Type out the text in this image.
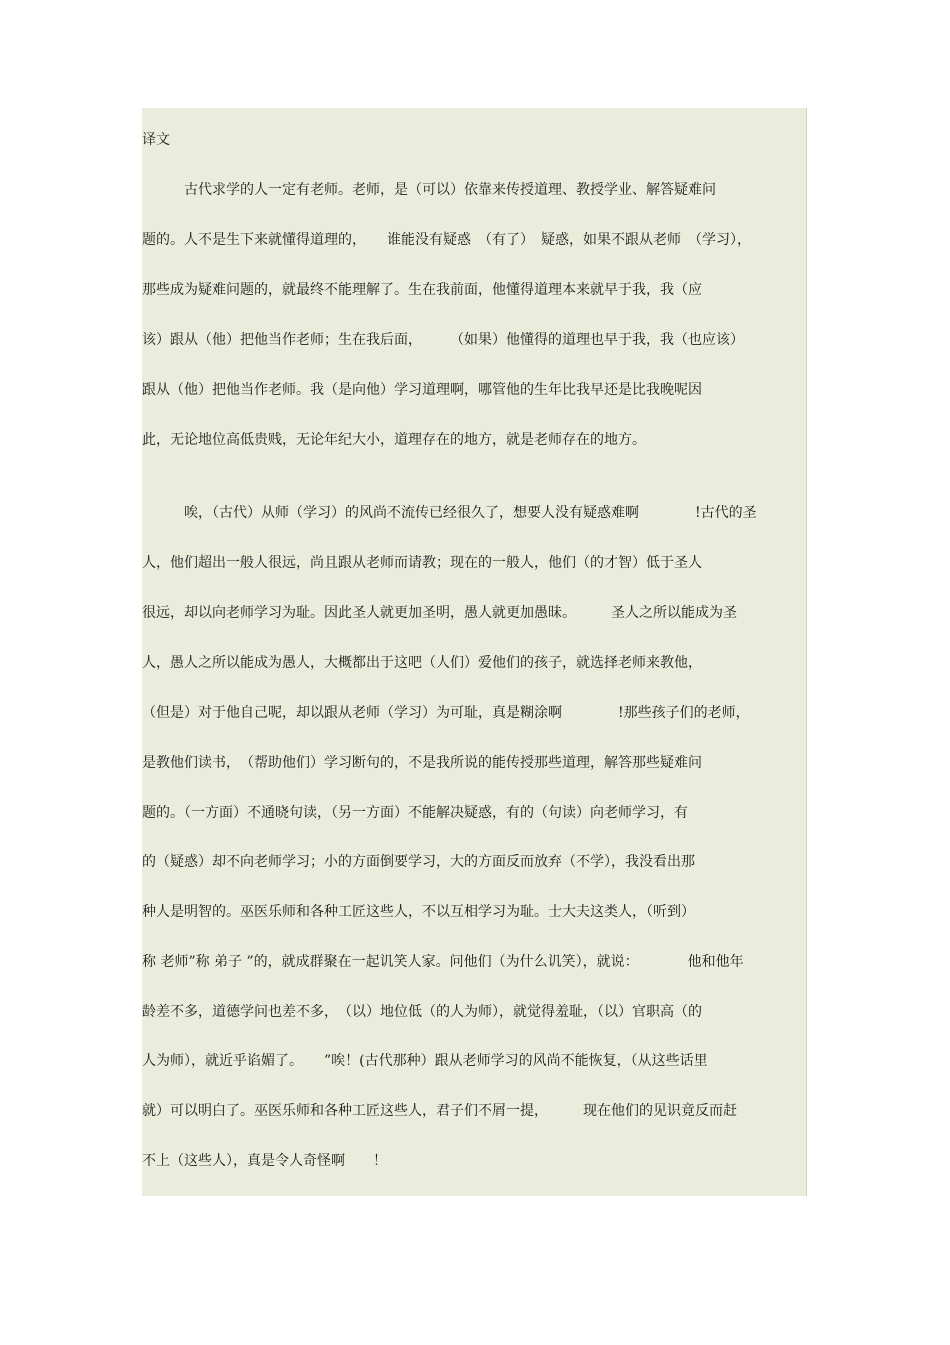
译文
　　　古代求学的人一定有老师。老师，是（可以）依靠来传授道理、教授学业、解答疑难问
题的。人不是生下来就懂得道理的，　　谁能没有疑惑　（有了）　疑惑，如果不跟从老师　（学习），
那些成为疑难问题的，就最终不能理解了。生在我前面，他懂得道理本来就早于我，我（应
该）跟从（他）把他当作老师；生在我后面，　　　（如果）他懂得的道理也早于我，我（也应该）
跟从（他）把他当作老师。我（是向他）学习道理啊，哪管他的生年比我早还是比我晚呢因
此，无论地位高低贵贱，无论年纪大小，道理存在的地方，就是老师存在的地方。
　　　唉，（古代）从师（学习）的风尚不流传已经很久了，想要人没有疑惑难啊　　　　!古代的圣
人，他们超出一般人很远，尚且跟从老师而请教；现在的一般人，他们（的才智）低于圣人
很远，却以向老师学习为耻。因此圣人就更加圣明，愚人就更加愚昧。　　　圣人之所以能成为圣
人，愚人之所以能成为愚人，大概都出于这吧（人们）爱他们的孩子，就选择老师来教他，
（但是）对于他自己呢，却以跟从老师（学习）为可耻，真是糊涂啊　　　　!那些孩子们的老师，
是教他们读书，　（帮助他们）学习断句的，不是我所说的能传授那些道理，解答那些疑难问
题的。（一方面）不通晓句读，（另一方面）不能解决疑惑，有的（句读）向老师学习，有
的（疑惑）却不向老师学习；小的方面倒要学习，大的方面反而放弃（不学），我没看出那
种人是明智的。巫医乐师和各种工匠这些人，不以互相学习为耻。士大夫这类人，（听到）
称 老师”称 弟子 ”的，就成群聚在一起讥笑人家。问他们（为什么讥笑），就说：　　　　他和他年
龄差不多，道德学问也差不多，　（以）地位低（的人为师），就觉得羞耻，（以）官职高（的
人为师），就近乎谄媚了。　　”唉！(古代那种）跟从老师学习的风尚不能恢复，（从这些话里
就）可以明白了。巫医乐师和各种工匠这些人，君子们不屑一提，　　　现在他们的见识竟反而赶
不上（这些人），真是令人奇怪啊　　！
